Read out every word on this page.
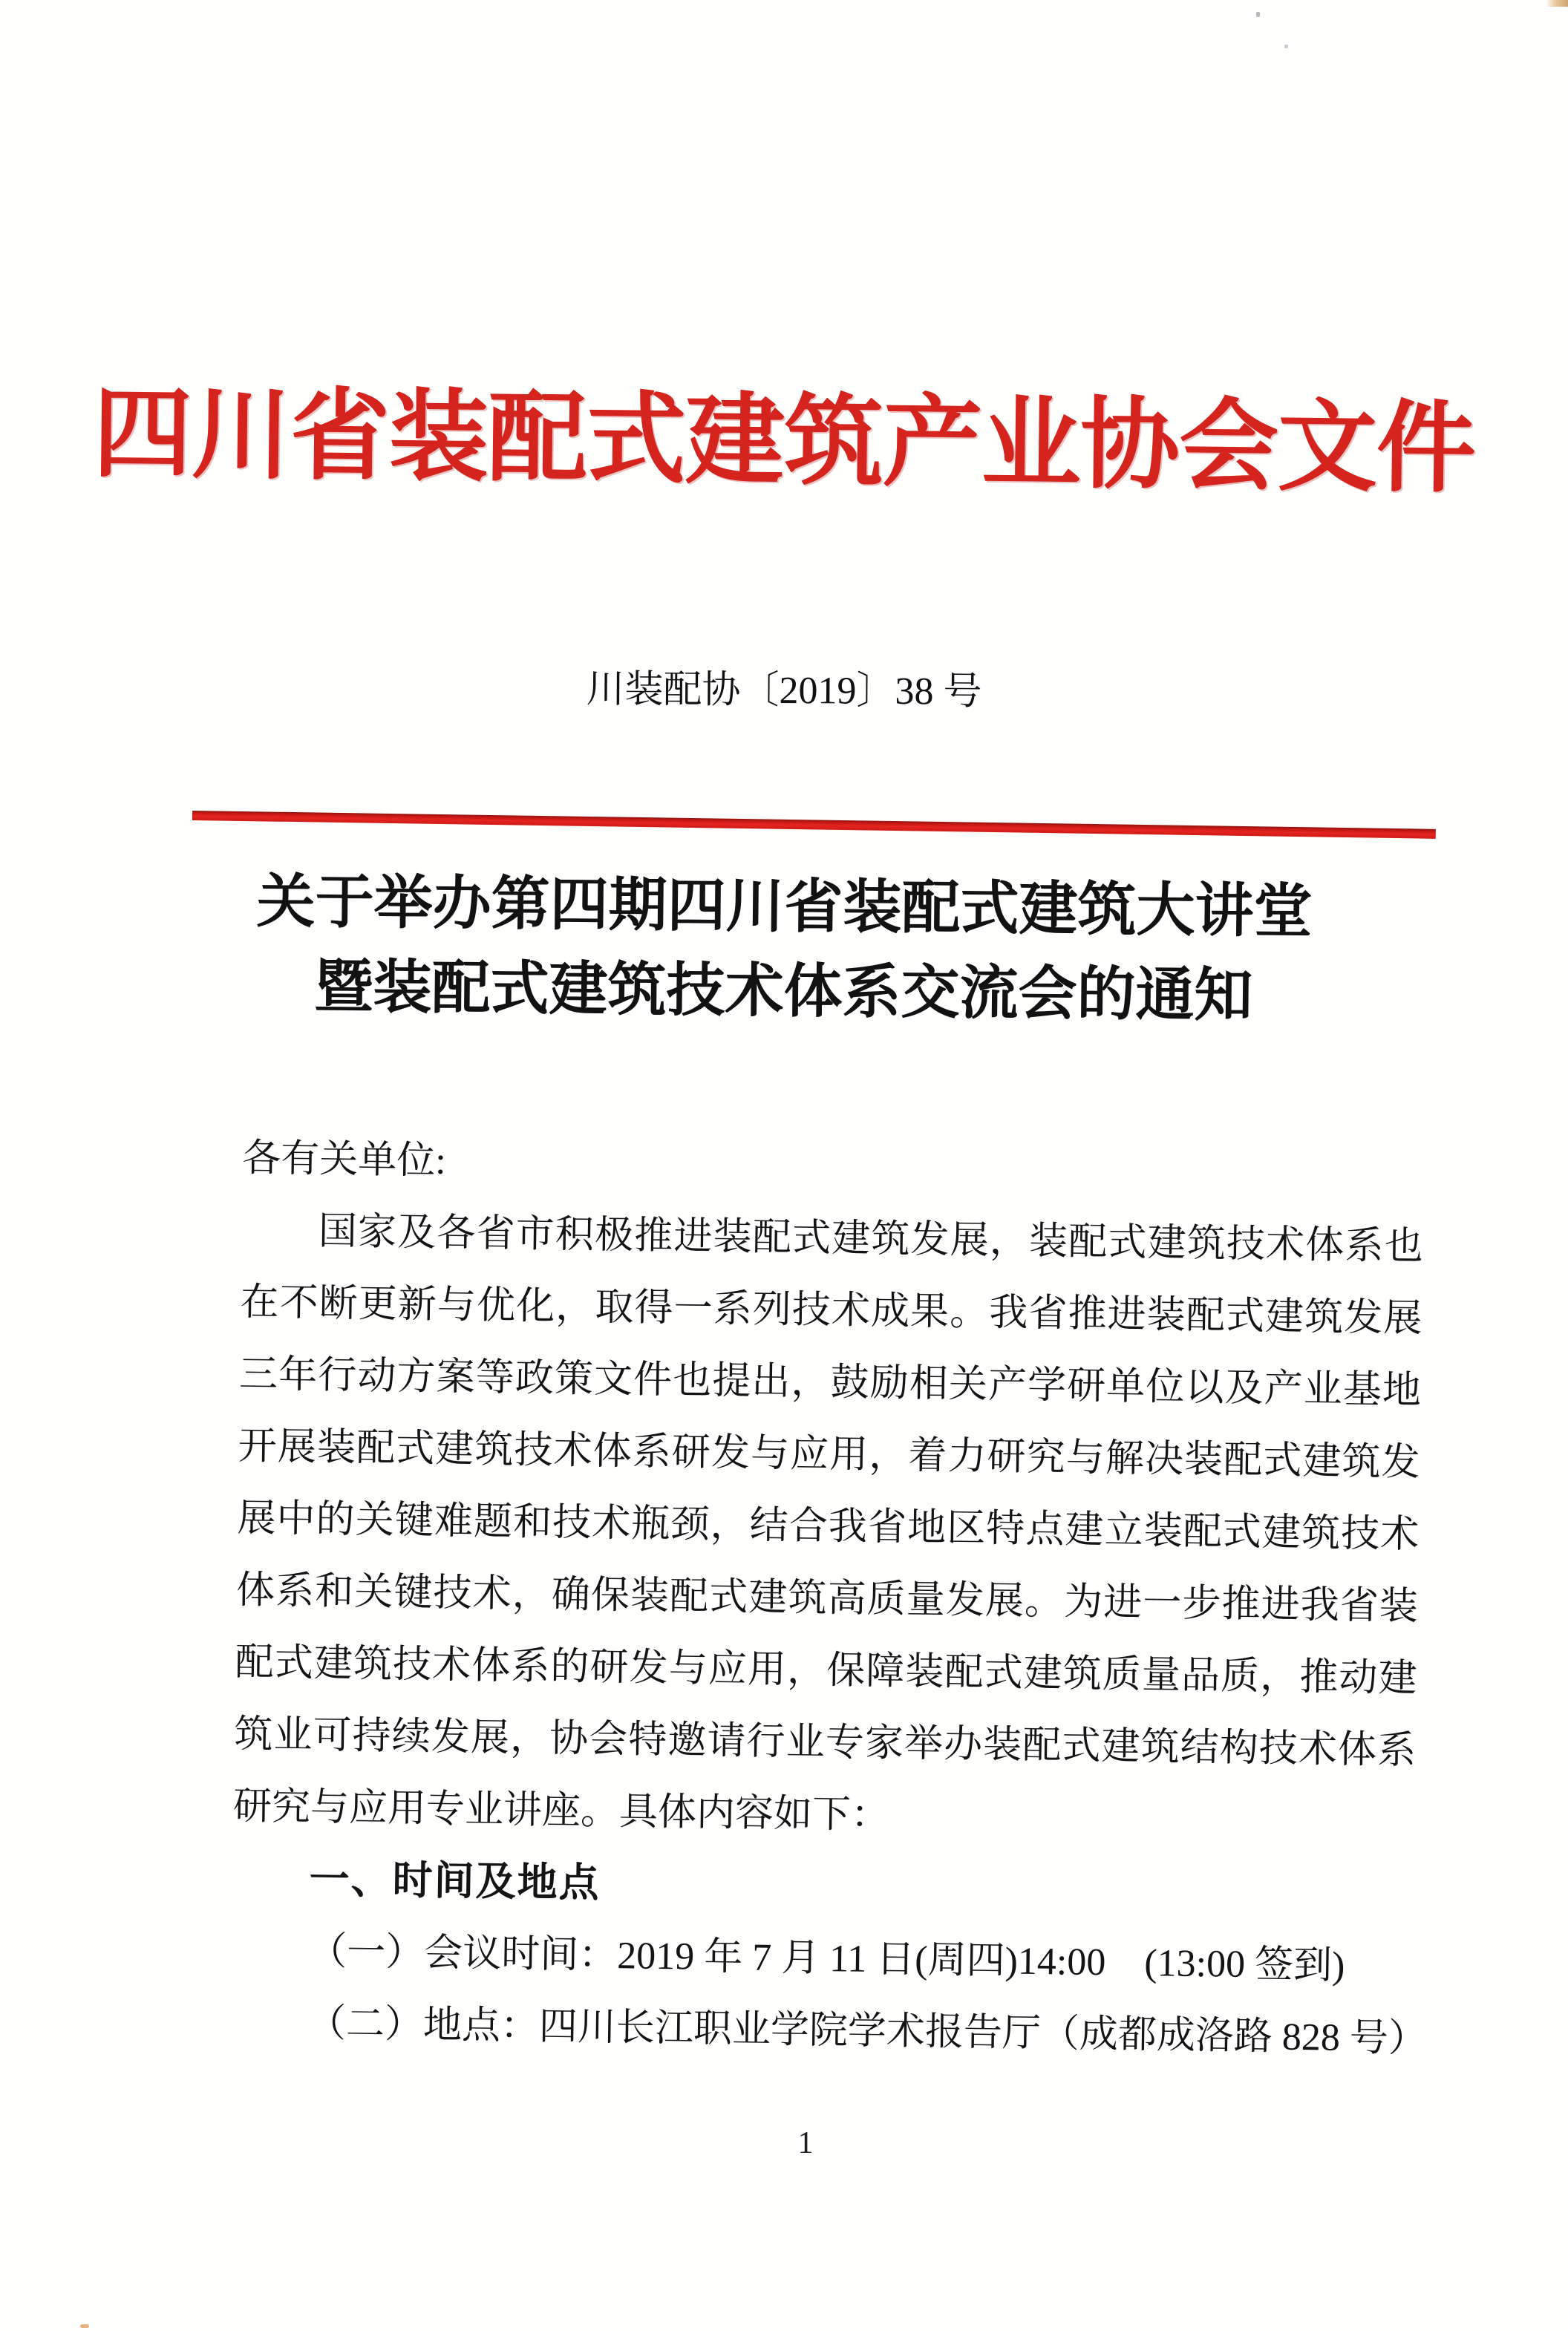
四川省装配式建筑产业协会文件
川装配协〔2019〕38 号
关于举办第四期四川省装配式建筑大讲堂
暨装配式建筑技术体系交流会的通知
各有关单位:
国家及各省市积极推进装配式建筑发展，装配式建筑技术体系也
在不断更新与优化，取得一系列技术成果。我省推进装配式建筑发展
三年行动方案等政策文件也提出，鼓励相关产学研单位以及产业基地
开展装配式建筑技术体系研发与应用，着力研究与解决装配式建筑发
展中的关键难题和技术瓶颈，结合我省地区特点建立装配式建筑技术
体系和关键技术，确保装配式建筑高质量发展。为进一步推进我省装
配式建筑技术体系的研发与应用，保障装配式建筑质量品质，推动建
筑业可持续发展，协会特邀请行业专家举办装配式建筑结构技术体系
研究与应用专业讲座。具体内容如下：
一、时间及地点
（一）会议时间：2019 年 7 月 11 日(周四)14:00　(13:00 签到)
（二）地点：四川长江职业学院学术报告厅（成都成洛路 828 号）
1
